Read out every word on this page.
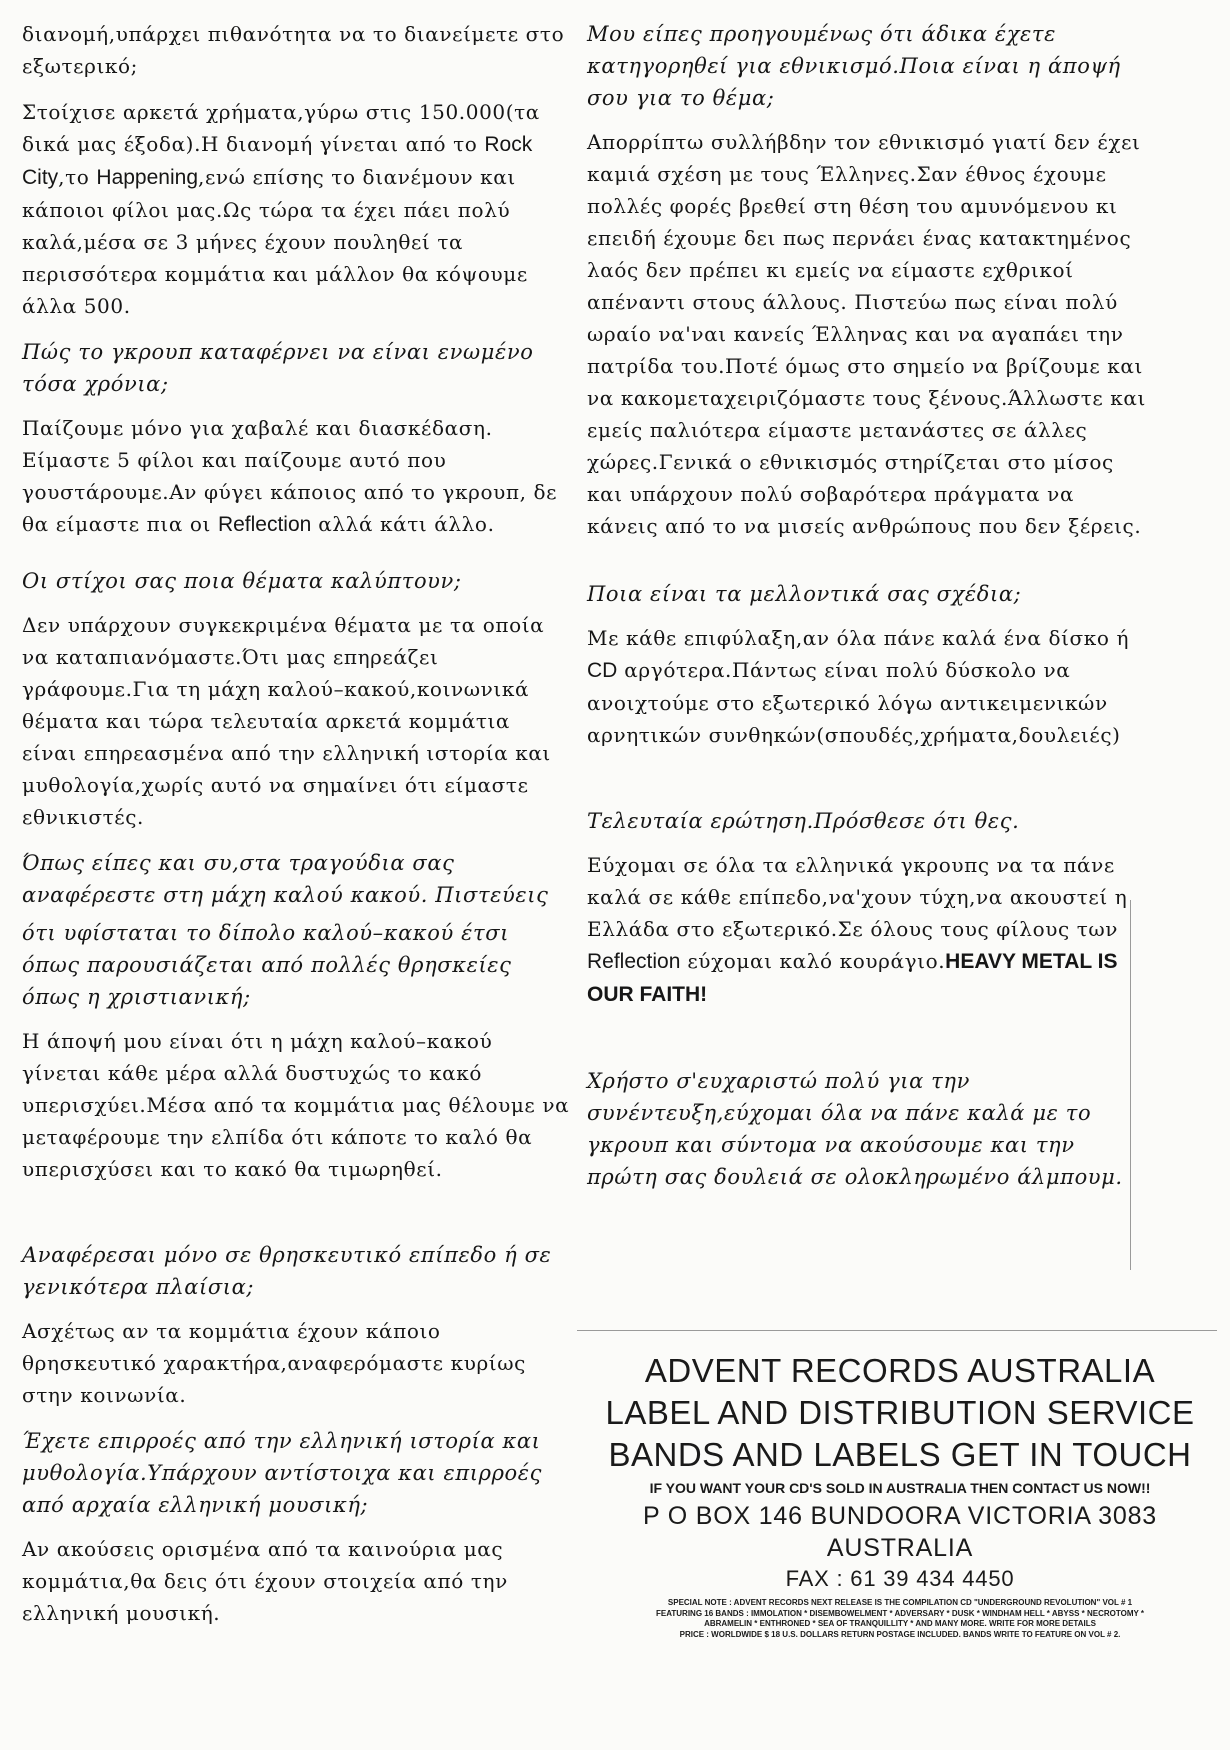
διανομή,υπάρχει πιθανότητα να το διανείμετε στο εξωτερικό;

Στοίχισε αρκετά χρήματα,γύρω στις 150.000(τα δικά μας έξοδα).Η διανομή γίνεται από το Rock City,το Happening,ενώ επίσης το διανέμουν και κάποιοι φίλοι μας.Ως τώρα τα έχει πάει πολύ καλά,μέσα σε 3 μήνες έχουν πουληθεί τα περισσότερα κομμάτια και μάλλον θα κόψουμε άλλα 500.

Πώς το γκρουπ καταφέρνει να είναι ενωμένο τόσα χρόνια;

Παίζουμε μόνο για χαβαλέ και διασκέδαση. Είμαστε 5 φίλοι και παίζουμε αυτό που γουστάρουμε.Αν φύγει κάποιος από το γκρουπ, δε θα είμαστε πια οι Reflection αλλά κάτι άλλο.

Οι στίχοι σας ποια θέματα καλύπτουν;

Δεν υπάρχουν συγκεκριμένα θέματα με τα οποία να καταπιανόμαστε.Ότι μας επηρεάζει γράφουμε.Για τη μάχη καλού–κακού,κοινωνικά θέματα και τώρα τελευταία αρκετά κομμάτια είναι επηρεασμένα από την ελληνική ιστορία και μυθολογία,χωρίς αυτό να σημαίνει ότι είμαστε εθνικιστές.

Όπως είπες και συ,στα τραγούδια σας αναφέρεστε στη μάχη καλού κακού. Πιστεύεις

ότι υφίσταται το δίπολο καλού–κακού έτσι όπως παρουσιάζεται από πολλές θρησκείες όπως η χριστιανική;

Η άποψή μου είναι ότι η μάχη καλού–κακού γίνεται κάθε μέρα αλλά δυστυχώς το κακό υπερισχύει.Μέσα από τα κομμάτια μας θέλουμε να μεταφέρουμε την ελπίδα ότι κάποτε το καλό θα υπερισχύσει και το κακό θα τιμωρηθεί.

Αναφέρεσαι μόνο σε θρησκευτικό επίπεδο ή σε γενικότερα πλαίσια;

Ασχέτως αν τα κομμάτια έχουν κάποιο θρησκευτικό χαρακτήρα,αναφερόμαστε κυρίως στην κοινωνία.

Έχετε επιρροές από την ελληνική ιστορία και μυθολογία.Υπάρχουν αντίστοιχα και επιρροές από αρχαία ελληνική μουσική;

Αν ακούσεις ορισμένα από τα καινούρια μας κομμάτια,θα δεις ότι έχουν στοιχεία από την ελληνική μουσική.

Μου είπες προηγουμένως ότι άδικα έχετε κατηγορηθεί για εθνικισμό.Ποια είναι η άποψή σου για το θέμα;

Απορρίπτω συλλήβδην τον εθνικισμό γιατί δεν έχει καμιά σχέση με τους Έλληνες.Σαν έθνος έχουμε πολλές φορές βρεθεί στη θέση του αμυνόμενου κι επειδή έχουμε δει πως περνάει ένας κατακτημένος λαός δεν πρέπει κι εμείς να είμαστε εχθρικοί απέναντι στους άλλους. Πιστεύω πως είναι πολύ ωραίο να'ναι κανείς Έλληνας και να αγαπάει την πατρίδα του.Ποτέ όμως στο σημείο να βρίζουμε και να κακομεταχειριζόμαστε τους ξένους.Άλλωστε και εμείς παλιότερα είμαστε μετανάστες σε άλλες χώρες.Γενικά ο εθνικισμός στηρίζεται στο μίσος και υπάρχουν πολύ σοβαρότερα πράγματα να κάνεις από το να μισείς ανθρώπους που δεν ξέρεις.

Ποια είναι τα μελλοντικά σας σχέδια;

Με κάθε επιφύλαξη,αν όλα πάνε καλά ένα δίσκο ή CD αργότερα.Πάντως είναι πολύ δύσκολο να ανοιχτούμε στο εξωτερικό λόγω αντικειμενικών αρνητικών συνθηκών(σπουδές,χρήματα,δουλειές)

Τελευταία ερώτηση.Πρόσθεσε ότι θες.

Εύχομαι σε όλα τα ελληνικά γκρουπς να τα πάνε καλά σε κάθε επίπεδο,να'χουν τύχη,να ακουστεί η Ελλάδα στο εξωτερικό.Σε όλους τους φίλους των Reflection εύχομαι καλό κουράγιο.HEAVY METAL IS OUR FAITH!

Χρήστο σ'ευχαριστώ πολύ για την συνέντευξη,εύχομαι όλα να πάνε καλά με το γκρουπ και σύντομα να ακούσουμε και την πρώτη σας δουλειά σε ολοκληρωμένο άλμπουμ.

ADVENT RECORDS AUSTRALIA
LABEL AND DISTRIBUTION SERVICE
BANDS AND LABELS GET IN TOUCH
IF YOU WANT YOUR CD'S SOLD IN AUSTRALIA THEN CONTACT US NOW!!
P O BOX 146 BUNDOORA VICTORIA 3083 AUSTRALIA
FAX : 61 39 434 4450
SPECIAL NOTE : ADVENT RECORDS NEXT RELEASE IS THE COMPILATION CD "UNDERGROUND REVOLUTION" VOL # 1
FEATURING 16 BANDS : IMMOLATION * DISEMBOWELMENT * ADVERSARY * DUSK * WINDHAM HELL * ABYSS * NECROTOMY *
ABRAMELIN * ENTHRONED * SEA OF TRANQUILLITY * AND MANY MORE. WRITE FOR MORE DETAILS
PRICE : WORLDWIDE $ 18 U.S. DOLLARS RETURN POSTAGE INCLUDED. BANDS WRITE TO FEATURE ON VOL # 2.
